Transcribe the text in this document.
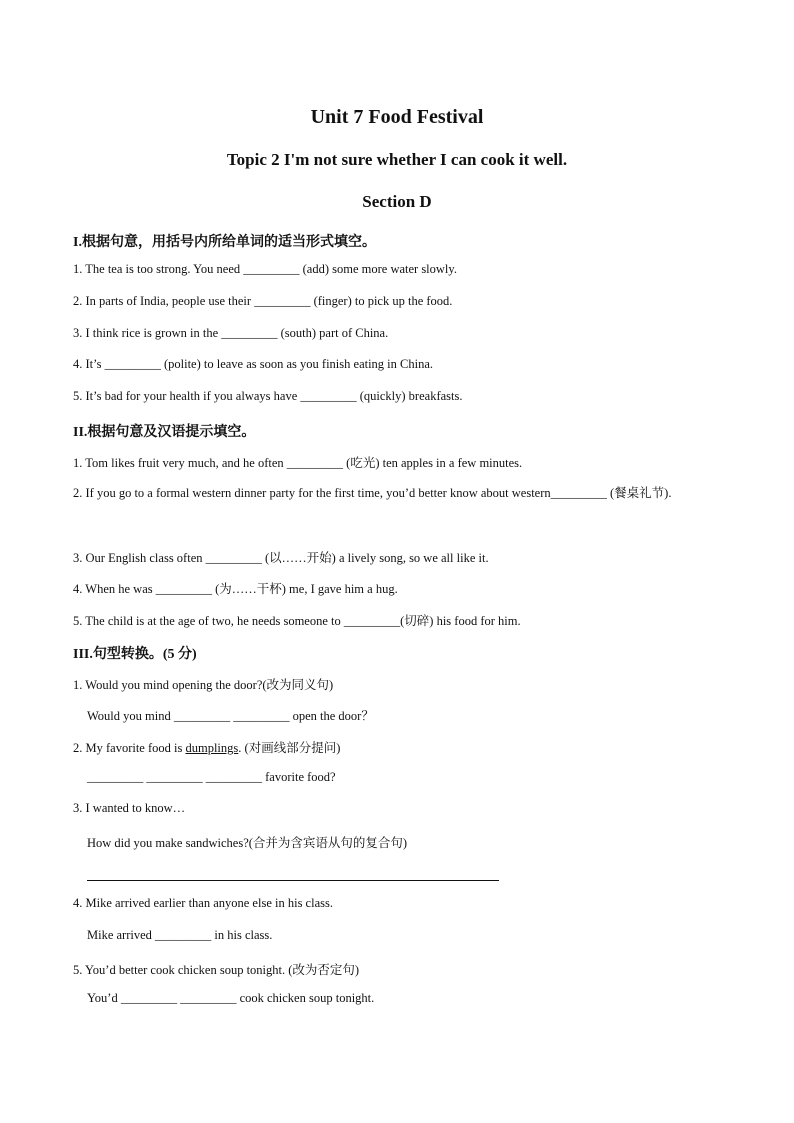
Unit 7 Food Festival
Topic 2 I'm not sure whether I can cook it well.
Section D
I.根据句意，用括号内所给单词的适当形式填空。
1. The tea is too strong. You need _________ (add) some more water slowly.
2. In parts of India, people use their _________ (finger) to pick up the food.
3. I think rice is grown in the _________ (south) part of China.
4. It’s _________ (polite) to leave as soon as you finish eating in China.
5. It’s bad for your health if you always have _________ (quickly) breakfasts.
II.根据句意及汉语提示填空。
1. Tom likes fruit very much, and he often _________ (吃光) ten apples in a few minutes.
2. If you go to a formal western dinner party for the first time, you’d better know about western_________ (餐桌礼节).
3. Our English class often _________ (以……开始) a lively song, so we all like it.
4. When he was _________ (为……干杯) me, I gave him a hug.
5. The child is at the age of two, he needs someone to _________(切碎) his food for him.
III.句型转换。(5 分)
1. Would you mind opening the door?(改为同义句)
Would you mind _________ _________ open the door？
2. My favorite food is dumplings. (对画线部分提问)
_________ _________ _________ favorite food?
3. I wanted to know…
How did you make sandwiches?(合并为含宾语从句的复合句)
4. Mike arrived earlier than anyone else in his class.
Mike arrived _________ in his class.
5. You’d better cook chicken soup tonight. (改为否定句)
You’d _________ _________ cook chicken soup tonight.
